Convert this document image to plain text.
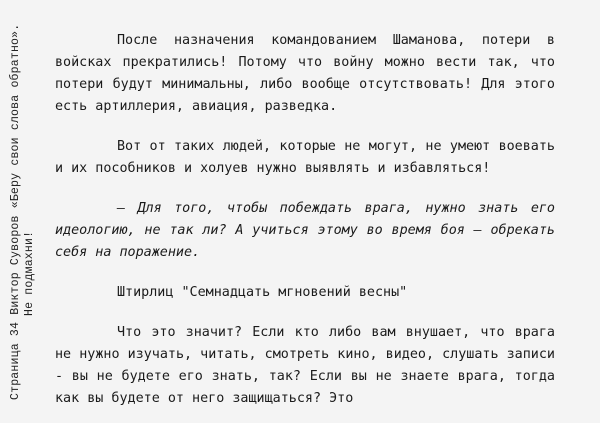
Страница 34 Виктор Суворов «Беру свои слова обратно». Не подмахни!

После назначения командованием Шаманова, потери в войсках прекратились! Потому что войну можно вести так, что потери будут минимальны, либо вообще отсутствовать! Для этого есть артиллерия, авиация, разведка.

Вот от таких людей, которые не могут, не умеют воевать и их пособников и холуев нужно выявлять и избавляться!

— Для того, чтобы побеждать врага, нужно знать его идеологию, не так ли? А учиться этому во время боя — обрекать себя на поражение.

Штирлиц "Семнадцать мгновений весны"

Что это значит? Если кто либо вам внушает, что врага не нужно изучать, читать, смотреть кино, видео, слушать записи - вы не будете его знать, так? Если вы не знаете врага, тогда как вы будете от него защищаться? Это
